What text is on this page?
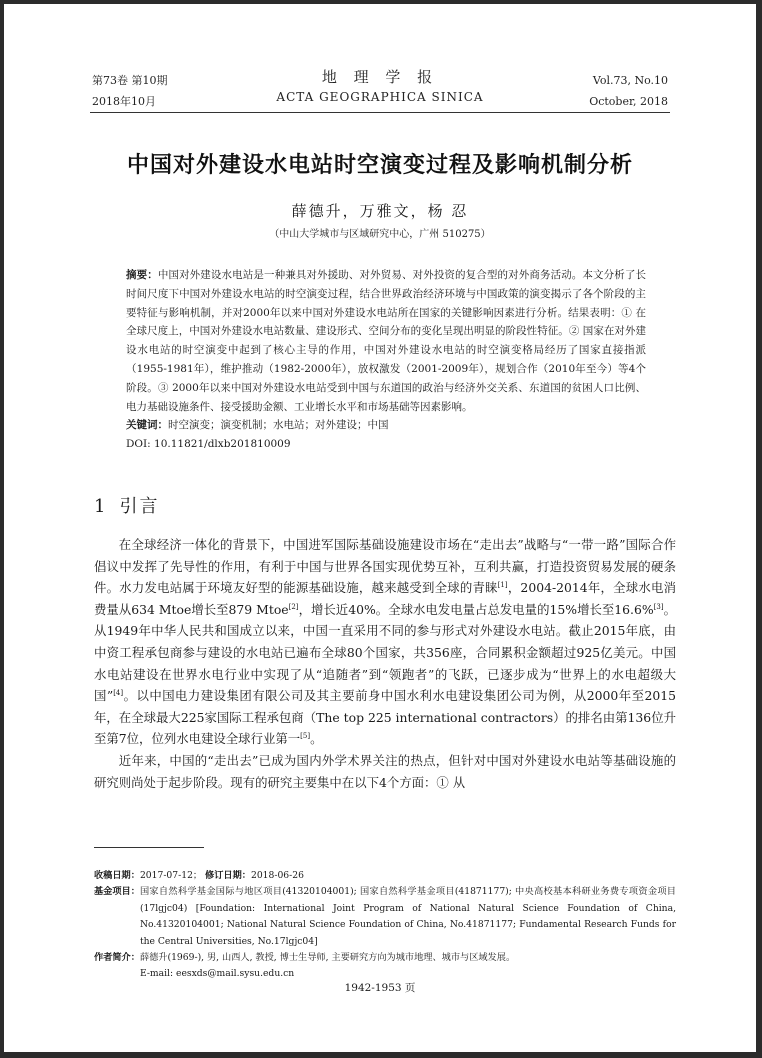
第73卷 第10期
2018年10月
地 理 学 报
ACTA GEOGRAPHICA SINICA
Vol.73, No.10
October, 2018
中国对外建设水电站时空演变过程及影响机制分析
薛德升，万雅文，杨 忍
（中山大学城市与区域研究中心，广州 510275）

摘要：中国对外建设水电站是一种兼具对外援助、对外贸易、对外投资的复合型的对外商务活动。本文分析了长时间尺度下中国对外建设水电站的时空演变过程，结合世界政治经济环境与中国政策的演变揭示了各个阶段的主要特征与影响机制，并对2000年以来中国对外建设水电站所在国家的关键影响因素进行分析。结果表明：① 在全球尺度上，中国对外建设水电站数量、建设形式、空间分布的变化呈现出明显的阶段性特征。② 国家在对外建设水电站的时空演变中起到了核心主导的作用，中国对外建设水电站的时空演变格局经历了国家直接指派（1955-1981年），维护推动（1982-2000年），放权激发（2001-2009年），规划合作（2010年至今）等4个阶段。③ 2000年以来中国对外建设水电站受到中国与东道国的政治与经济外交关系、东道国的贫困人口比例、电力基础设施条件、接受援助金额、工业增长水平和市场基础等因素影响。

关键词：时空演变；演变机制；水电站；对外建设；中国

DOI: 10.11821/dlxb201810009

1 引言

在全球经济一体化的背景下，中国进军国际基础设施建设市场在“走出去”战略与“一带一路”国际合作倡议中发挥了先导性的作用，有利于中国与世界各国实现优势互补，互利共赢，打造投资贸易发展的硬条件。水力发电站属于环境友好型的能源基础设施，越来越受到全球的青睐[1]，2004-2014年，全球水电消费量从634 Mtoe增长至879 Mtoe[2]，增长近40%。全球水电发电量占总发电量的15%增长至16.6%[3]。从1949年中华人民共和国成立以来，中国一直采用不同的参与形式对外建设水电站。截止2015年底，由中资工程承包商参与建设的水电站已遍布全球80个国家，共356座，合同累积金额超过925亿美元。中国水电站建设在世界水电行业中实现了从“追随者”到“领跑者”的飞跃，已逐步成为“世界上的水电超级大国”[4]。以中国电力建设集团有限公司及其主要前身中国水利水电建设集团公司为例，从2000年至2015年，在全球最大225家国际工程承包商（The top 225 international contractors）的排名由第136位升至第7位，位列水电建设全球行业第一[5]。

近年来，中国的“走出去”已成为国内外学术界关注的热点，但针对中国对外建设水电站等基础设施的研究则尚处于起步阶段。现有的研究主要集中在以下4个方面：① 从

收稿日期：2017-07-12； 修订日期：2018-06-26
基金项目： 国家自然科学基金国际与地区项目(41320104001); 国家自然科学基金项目(41871177); 中央高校基本科研业务费专项资金项目(17lgjc04) [Foundation: International Joint Program of National Natural Science Foundation of China, No.41320104001; National Natural Science Foundation of China, No.41871177; Fundamental Research Funds for the Central Universities, No.17lgjc04]
作者简介： 薛德升(1969-), 男, 山西人, 教授, 博士生导师, 主要研究方向为城市地理、城市与区域发展。
E-mail: eesxds@mail.sysu.edu.cn
1942-1953 页
